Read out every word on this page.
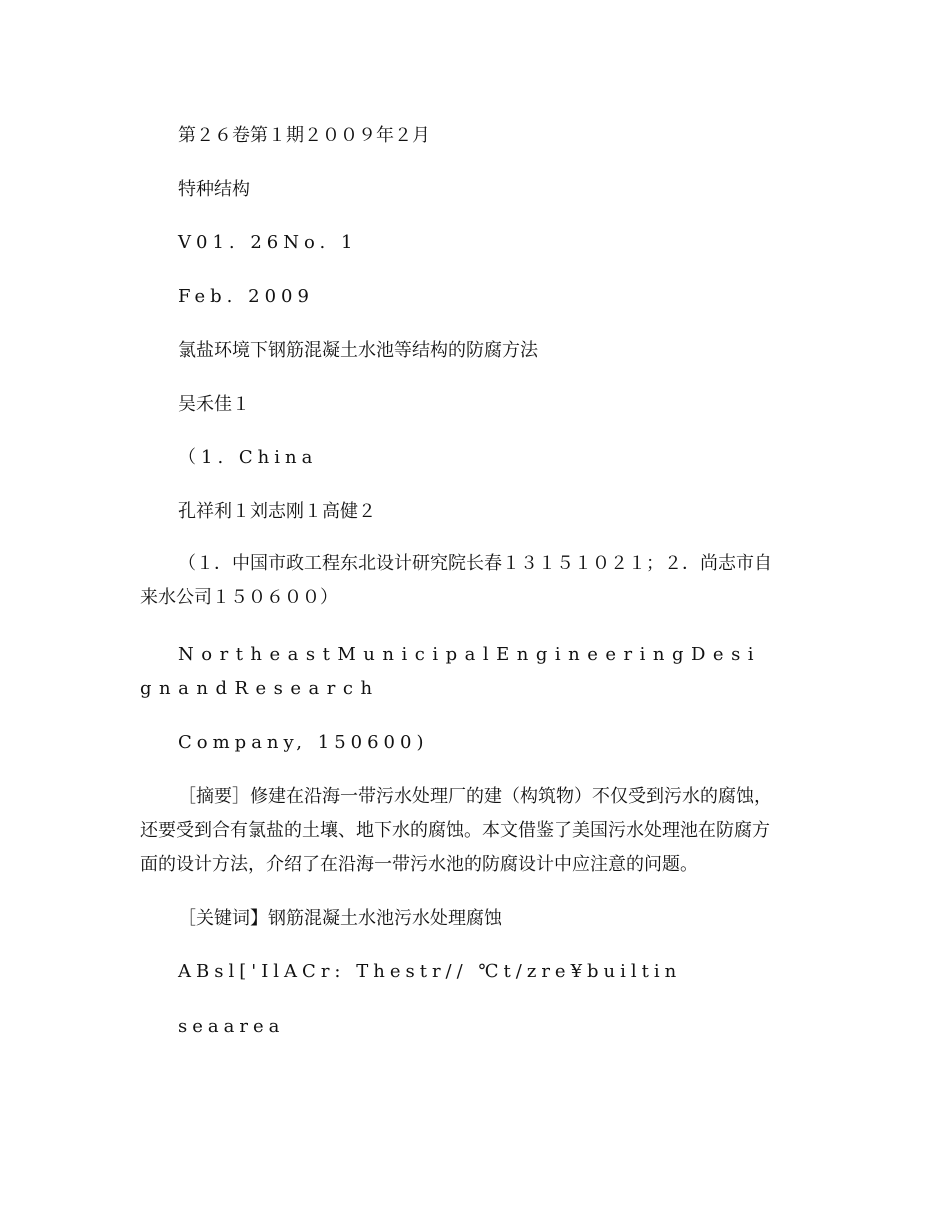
第２６卷第１期２００９年２月

特种结构

V01. 26No. 1

Feb. 2009

氯盐环境下钢筋混凝土水池等结构的防腐方法

吴禾佳１

（1. China

孔祥利１刘志刚１高健２

（１．中国市政工程东北设计研究院长春１３１５１０２１；２．尚志市自来水公司１５０６００）

NortheastMunicipalEngineeringDesignandResearch

Company, 150600)

［摘要］修建在沿海一带污水处理厂的建（构筑物）不仅受到污水的腐蚀，还要受到合有氯盐的土壤、地下水的腐蚀。本文借鉴了美国污水处理池在防腐方面的设计方法，介绍了在沿海一带污水池的防腐设计中应注意的问题。

［关键词】钢筋混凝土水池污水处理腐蚀

ABsl['IlACr: Thestr// ℃t/zre¥builtin

seaarea
